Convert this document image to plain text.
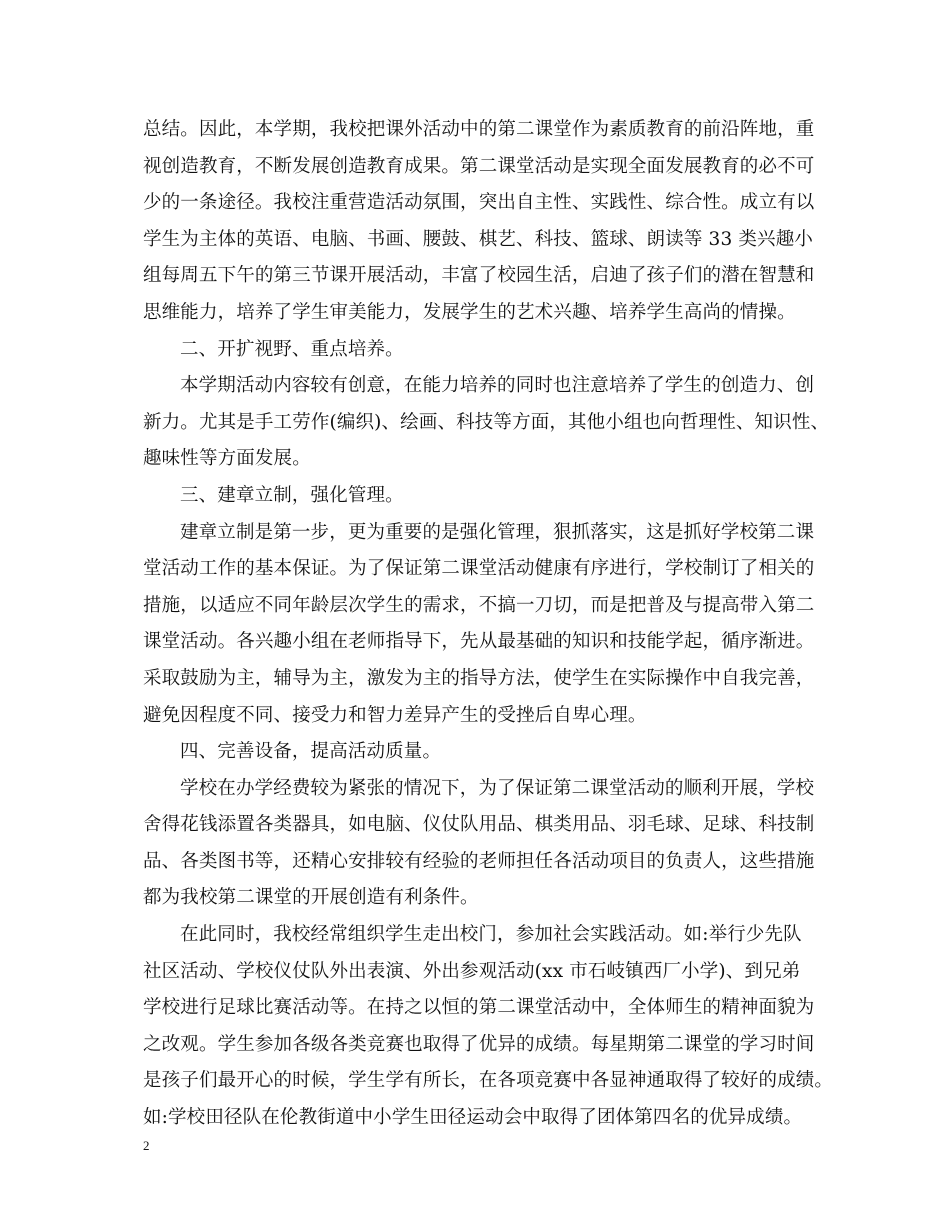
总结。因此，本学期，我校把课外活动中的第二课堂作为素质教育的前沿阵地，重
视创造教育，不断发展创造教育成果。第二课堂活动是实现全面发展教育的必不可
少的一条途径。我校注重营造活动氛围，突出自主性、实践性、综合性。成立有以
学生为主体的英语、电脑、书画、腰鼓、棋艺、科技、篮球、朗读等 33 类兴趣小
组每周五下午的第三节课开展活动，丰富了校园生活，启迪了孩子们的潜在智慧和
思维能力，培养了学生审美能力，发展学生的艺术兴趣、培养学生高尚的情操。
二、开扩视野、重点培养。
本学期活动内容较有创意，在能力培养的同时也注意培养了学生的创造力、创
新力。尤其是手工劳作(编织)、绘画、科技等方面，其他小组也向哲理性、知识性、
趣味性等方面发展。
三、建章立制，强化管理。
建章立制是第一步，更为重要的是强化管理，狠抓落实，这是抓好学校第二课
堂活动工作的基本保证。为了保证第二课堂活动健康有序进行，学校制订了相关的
措施，以适应不同年龄层次学生的需求，不搞一刀切，而是把普及与提高带入第二
课堂活动。各兴趣小组在老师指导下，先从最基础的知识和技能学起，循序渐进。
采取鼓励为主，辅导为主，激发为主的指导方法，使学生在实际操作中自我完善，
避免因程度不同、接受力和智力差异产生的受挫后自卑心理。
四、完善设备，提高活动质量。
学校在办学经费较为紧张的情况下，为了保证第二课堂活动的顺利开展，学校
舍得花钱添置各类器具，如电脑、仪仗队用品、棋类用品、羽毛球、足球、科技制
品、各类图书等，还精心安排较有经验的老师担任各活动项目的负责人，这些措施
都为我校第二课堂的开展创造有利条件。
在此同时，我校经常组织学生走出校门，参加社会实践活动。如:举行少先队
社区活动、学校仪仗队外出表演、外出参观活动(xx 市石岐镇西厂小学)、到兄弟
学校进行足球比赛活动等。在持之以恒的第二课堂活动中，全体师生的精神面貌为
之改观。学生参加各级各类竞赛也取得了优异的成绩。每星期第二课堂的学习时间
是孩子们最开心的时候，学生学有所长，在各项竞赛中各显神通取得了较好的成绩。
如:学校田径队在伦教街道中小学生田径运动会中取得了团体第四名的优异成绩。
2
